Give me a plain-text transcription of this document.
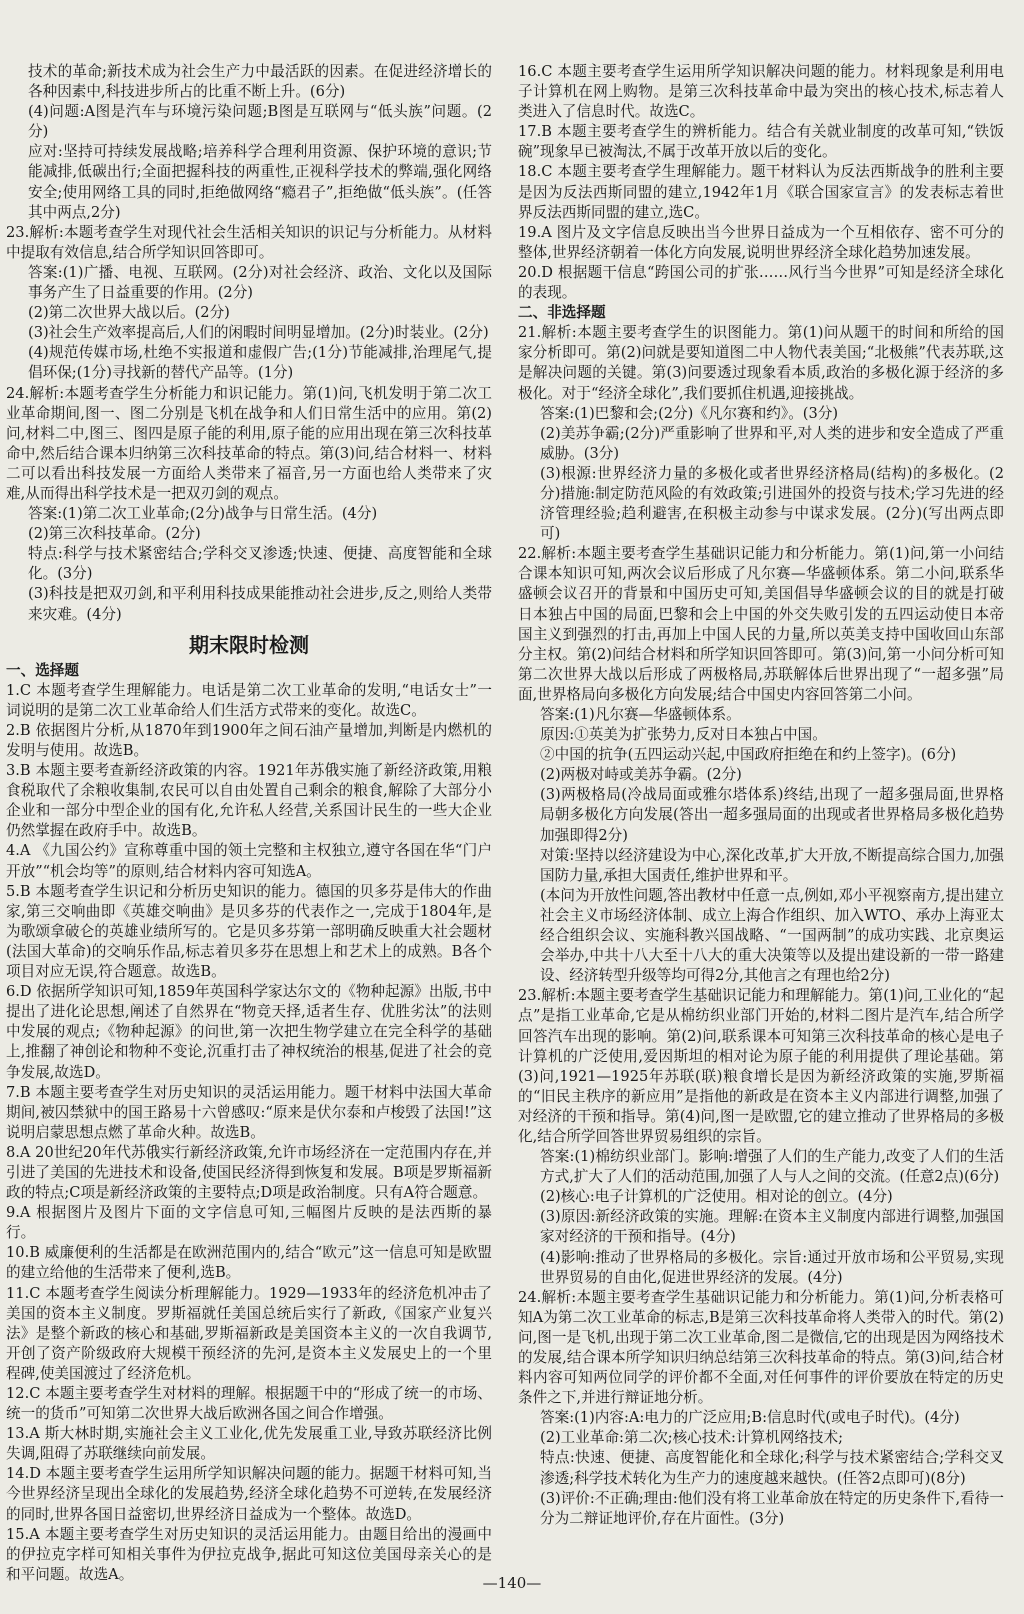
技术的革命;新技术成为社会生产力中最活跃的因素。在促进经济增长的各种因素中,科技进步所占的比重不断上升。(6分)

(4)问题:A图是汽车与环境污染问题;B图是互联网与“低头族”问题。(2分)

应对:坚持可持续发展战略;培养科学合理利用资源、保护环境的意识;节能减排,低碳出行;全面把握科技的两重性,正视科学技术的弊端,强化网络安全;使用网络工具的同时,拒绝做网络“瘾君子”,拒绝做“低头族”。(任答其中两点,2分)

23.解析:本题考查学生对现代社会生活相关知识的识记与分析能力。从材料中提取有效信息,结合所学知识回答即可。

答案:(1)广播、电视、互联网。(2分)对社会经济、政治、文化以及国际事务产生了日益重要的作用。(2分)

(2)第二次世界大战以后。(2分)

(3)社会生产效率提高后,人们的闲暇时间明显增加。(2分)时装业。(2分)

(4)规范传媒市场,杜绝不实报道和虚假广告;(1分)节能减排,治理尾气,提倡环保;(1分)寻找新的替代产品等。(1分)

24.解析:本题考查学生分析能力和识记能力。第(1)问,飞机发明于第二次工业革命期间,图一、图二分别是飞机在战争和人们日常生活中的应用。第(2)问,材料二中,图三、图四是原子能的利用,原子能的应用出现在第三次科技革命中,然后结合课本归纳第三次科技革命的特点。第(3)问,结合材料一、材料二可以看出科技发展一方面给人类带来了福音,另一方面也给人类带来了灾难,从而得出科学技术是一把双刃剑的观点。

答案:(1)第二次工业革命;(2分)战争与日常生活。(4分)

(2)第三次科技革命。(2分)

特点:科学与技术紧密结合;学科交叉渗透;快速、便捷、高度智能和全球化。(3分)

(3)科技是把双刃剑,和平利用科技成果能推动社会进步,反之,则给人类带来灾难。(4分)

期末限时检测

一、选择题

1.C 本题考查学生理解能力。电话是第二次工业革命的发明,“电话女士”一词说明的是第二次工业革命给人们生活方式带来的变化。故选C。

2.B 依据图片分析,从1870年到1900年之间石油产量增加,判断是内燃机的发明与使用。故选B。

3.B 本题主要考查新经济政策的内容。1921年苏俄实施了新经济政策,用粮食税取代了余粮收集制,农民可以自由处置自己剩余的粮食,解除了大部分小企业和一部分中型企业的国有化,允许私人经营,关系国计民生的一些大企业仍然掌握在政府手中。故选B。

4.A 《九国公约》宣称尊重中国的领土完整和主权独立,遵守各国在华“门户开放”“机会均等”的原则,结合材料内容可知选A。

5.B 本题考查学生识记和分析历史知识的能力。德国的贝多芬是伟大的作曲家,第三交响曲即《英雄交响曲》是贝多芬的代表作之一,完成于1804年,是为歌颂拿破仑的英雄业绩所写的。它是贝多芬第一部明确反映重大社会题材(法国大革命)的交响乐作品,标志着贝多芬在思想上和艺术上的成熟。B各个项目对应无误,符合题意。故选B。

6.D 依据所学知识可知,1859年英国科学家达尔文的《物种起源》出版,书中提出了进化论思想,阐述了自然界在“物竞天择,适者生存、优胜劣汰”的法则中发展的观点;《物种起源》的问世,第一次把生物学建立在完全科学的基础上,推翻了神创论和物种不变论,沉重打击了神权统治的根基,促进了社会的竞争发展,故选D。

7.B 本题主要考查学生对历史知识的灵活运用能力。题干材料中法国大革命期间,被囚禁狱中的国王路易十六曾感叹:“原来是伏尔泰和卢梭毁了法国!”这说明启蒙思想点燃了革命火种。故选B。

8.A 20世纪20年代苏俄实行新经济政策,允许市场经济在一定范围内存在,并引进了美国的先进技术和设备,使国民经济得到恢复和发展。B项是罗斯福新政的特点;C项是新经济政策的主要特点;D项是政治制度。只有A符合题意。

9.A 根据图片及图片下面的文字信息可知,三幅图片反映的是法西斯的暴行。

10.B 威廉便利的生活都是在欧洲范围内的,结合“欧元”这一信息可知是欧盟的建立给他的生活带来了便利,选B。

11.C 本题考查学生阅读分析理解能力。1929—1933年的经济危机冲击了美国的资本主义制度。罗斯福就任美国总统后实行了新政,《国家产业复兴法》是整个新政的核心和基础,罗斯福新政是美国资本主义的一次自我调节,开创了资产阶级政府大规模干预经济的先河,是资本主义发展史上的一个里程碑,使美国渡过了经济危机。

12.C 本题主要考查学生对材料的理解。根据题干中的“形成了统一的市场、统一的货币”可知第二次世界大战后欧洲各国之间合作增强。

13.A 斯大林时期,实施社会主义工业化,优先发展重工业,导致苏联经济比例失调,阻碍了苏联继续向前发展。

14.D 本题主要考查学生运用所学知识解决问题的能力。据题干材料可知,当今世界经济呈现出全球化的发展趋势,经济全球化趋势不可逆转,在发展经济的同时,世界各国日益密切,世界经济日益成为一个整体。故选D。

15.A 本题主要考查学生对历史知识的灵活运用能力。由题目给出的漫画中的伊拉克字样可知相关事件为伊拉克战争,据此可知这位美国母亲关心的是和平问题。故选A。

16.C 本题主要考查学生运用所学知识解决问题的能力。材料现象是利用电子计算机在网上购物。是第三次科技革命中最为突出的核心技术,标志着人类进入了信息时代。故选C。

17.B 本题主要考查学生的辨析能力。结合有关就业制度的改革可知,“铁饭碗”现象早已被淘汰,不属于改革开放以后的变化。

18.C 本题主要考查学生理解能力。题干材料认为反法西斯战争的胜利主要是因为反法西斯同盟的建立,1942年1月《联合国家宣言》的发表标志着世界反法西斯同盟的建立,选C。

19.A 图片及文字信息反映出当今世界日益成为一个互相依存、密不可分的整体,世界经济朝着一体化方向发展,说明世界经济全球化趋势加速发展。

20.D 根据题干信息“跨国公司的扩张……风行当今世界”可知是经济全球化的表现。

二、非选择题

21.解析:本题主要考查学生的识图能力。第(1)问从题干的时间和所给的国家分析即可。第(2)问就是要知道图二中人物代表美国;“北极熊”代表苏联,这是解决问题的关键。第(3)问要透过现象看本质,政治的多极化源于经济的多极化。对于“经济全球化”,我们要抓住机遇,迎接挑战。

答案:(1)巴黎和会;(2分)《凡尔赛和约》。(3分)

(2)美苏争霸;(2分)严重影响了世界和平,对人类的进步和安全造成了严重威胁。(3分)

(3)根源:世界经济力量的多极化或者世界经济格局(结构)的多极化。(2分)措施:制定防范风险的有效政策;引进国外的投资与技术;学习先进的经济管理经验;趋利避害,在积极主动参与中谋求发展。(2分)(写出两点即可)

22.解析:本题主要考查学生基础识记能力和分析能力。第(1)问,第一小问结合课本知识可知,两次会议后形成了凡尔赛—华盛顿体系。第二小问,联系华盛顿会议召开的背景和中国历史可知,美国倡导华盛顿会议的目的就是打破日本独占中国的局面,巴黎和会上中国的外交失败引发的五四运动使日本帝国主义到强烈的打击,再加上中国人民的力量,所以英美支持中国收回山东部分主权。第(2)问结合材料和所学知识回答即可。第(3)问,第一小问分析可知第二次世界大战以后形成了两极格局,苏联解体后世界出现了“一超多强”局面,世界格局向多极化方向发展;结合中国史内容回答第二小问。

答案:(1)凡尔赛—华盛顿体系。

原因:①英美为扩张势力,反对日本独占中国。

②中国的抗争(五四运动兴起,中国政府拒绝在和约上签字)。(6分)

(2)两极对峙或美苏争霸。(2分)

(3)两极格局(冷战局面或雅尔塔体系)终结,出现了一超多强局面,世界格局朝多极化方向发展(答出一超多强局面的出现或者世界格局多极化趋势加强即得2分)

对策:坚持以经济建设为中心,深化改革,扩大开放,不断提高综合国力,加强国防力量,承担大国责任,维护世界和平。

(本问为开放性问题,答出教材中任意一点,例如,邓小平视察南方,提出建立社会主义市场经济体制、成立上海合作组织、加入WTO、承办上海亚太经合组织会议、实施科教兴国战略、“一国两制”的成功实践、北京奥运会举办,中共十八大至十八大的重大决策等以及提出建设新的一带一路建设、经济转型升级等均可得2分,其他言之有理也给2分)

23.解析:本题主要考查学生基础识记能力和理解能力。第(1)问,工业化的“起点”是指工业革命,它是从棉纺织业部门开始的,材料二图片是汽车,结合所学回答汽车出现的影响。第(2)问,联系课本可知第三次科技革命的核心是电子计算机的广泛使用,爱因斯坦的相对论为原子能的利用提供了理论基础。第(3)问,1921—1925年苏联(联)粮食增长是因为新经济政策的实施,罗斯福的“旧民主秩序的新应用”是指他的新政是在资本主义内部进行调整,加强了对经济的干预和指导。第(4)问,图一是欧盟,它的建立推动了世界格局的多极化,结合所学回答世界贸易组织的宗旨。

答案:(1)棉纺织业部门。影响:增强了人们的生产能力,改变了人们的生活方式,扩大了人们的活动范围,加强了人与人之间的交流。(任意2点)(6分)

(2)核心:电子计算机的广泛使用。相对论的创立。(4分)

(3)原因:新经济政策的实施。理解:在资本主义制度内部进行调整,加强国家对经济的干预和指导。(4分)

(4)影响:推动了世界格局的多极化。宗旨:通过开放市场和公平贸易,实现世界贸易的自由化,促进世界经济的发展。(4分)

24.解析:本题主要考查学生基础识记能力和分析能力。第(1)问,分析表格可知A为第二次工业革命的标志,B是第三次科技革命将人类带入的时代。第(2)问,图一是飞机,出现于第二次工业革命,图二是微信,它的出现是因为网络技术的发展,结合课本所学知识归纳总结第三次科技革命的特点。第(3)问,结合材料内容可知两位同学的评价都不全面,对任何事件的评价要放在特定的历史条件之下,并进行辩证地分析。

答案:(1)内容:A:电力的广泛应用;B:信息时代(或电子时代)。(4分)

(2)工业革命:第二次;核心技术:计算机网络技术;

特点:快速、便捷、高度智能化和全球化;科学与技术紧密结合;学科交叉渗透;科学技术转化为生产力的速度越来越快。(任答2点即可)(8分)

(3)评价:不正确;理由:他们没有将工业革命放在特定的历史条件下,看待一分为二辩证地评价,存在片面性。(3分)

—140—
